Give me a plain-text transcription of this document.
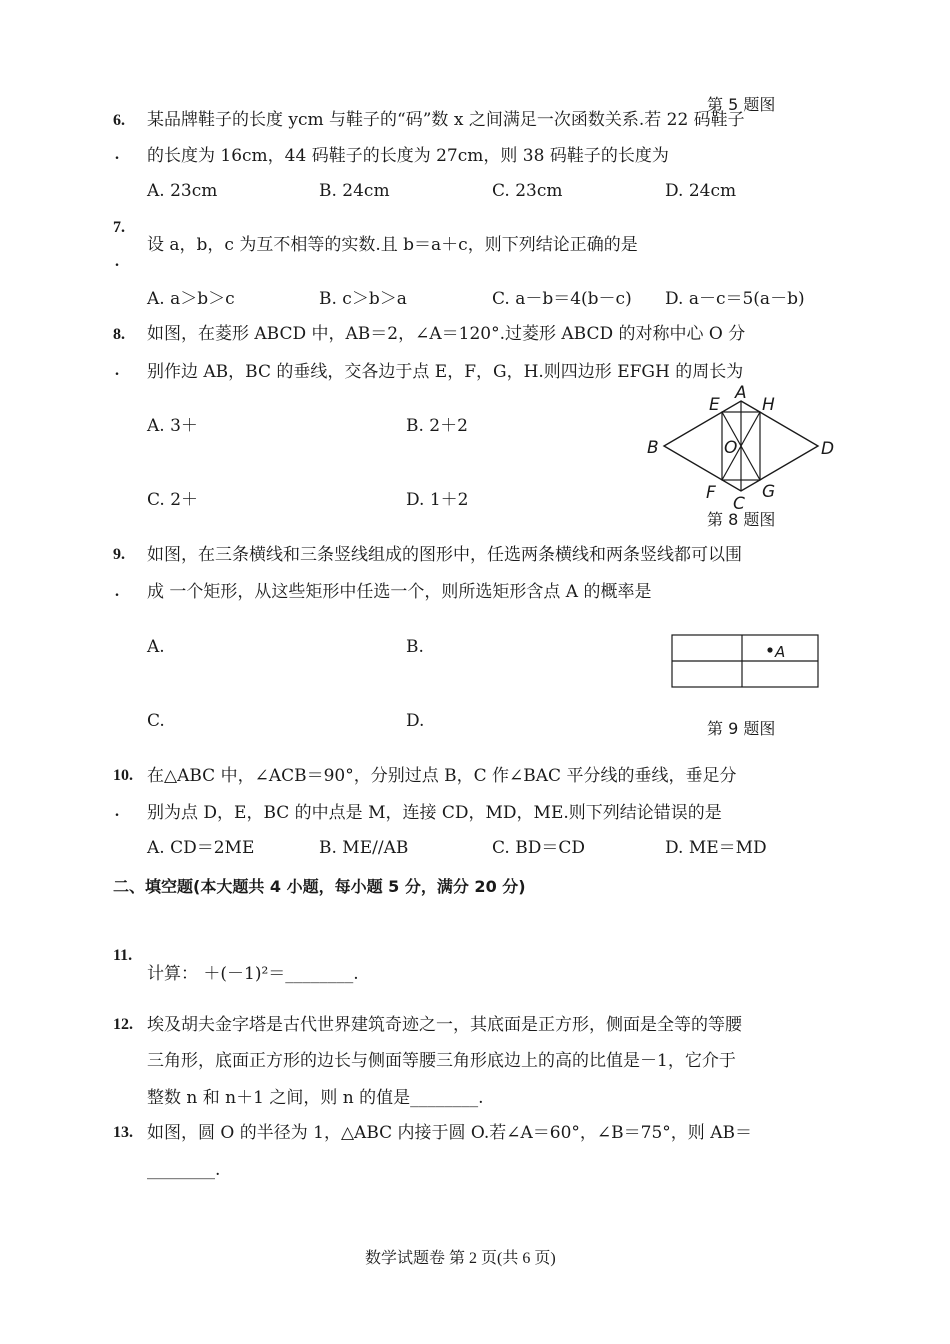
第 5 题图
6. 某品牌鞋子的长度 ycm 与鞋子的“码”数 x 之间满足一次函数关系.若 22 码鞋子
. 的长度为 16cm，44 码鞋子的长度为 27cm，则 38 码鞋子的长度为
A. 23cm	B. 24cm	C. 23cm	D. 24cm
7.
设 a，b，c 为互不相等的实数.且 b＝a＋c，则下列结论正确的是
.
A. a＞b＞c	B. c＞b＞a	C. a－b＝4(b－c) D. a－c＝5(a－b)
8. 如图，在菱形 ABCD 中，AB＝2，∠A＝120°.过菱形 ABCD 的对称中心 O 分
. 别作边 AB，BC 的垂线，交各边于点 E，F，G，H.则四边形 EFGH 的周长为
A. 3＋	B. 2＋2
C. 2＋	D. 1＋2
A
E H
B	O	D
F	G
C
第 8 题图
9. 如图，在三条横线和三条竖线组成的图形中，任选两条横线和两条竖线都可以围
. 成 一个矩形，从这些矩形中任选一个，则所选矩形含点 A 的概率是
A.	B.
C.	D.
A
第 9 题图
10. 在△ABC 中，∠ACB＝90°，分别过点 B，C 作∠BAC 平分线的垂线，垂足分
. 别为点 D，E，BC 的中点是 M，连接 CD，MD，ME.则下列结论错误的是
A. CD＝2ME	B. ME//AB	C. BD＝CD	D. ME＝MD
二、填空题(本大题共 4 小题，每小题 5 分，满分 20 分)
11.
计算： ＋(－1)²＝________.
12. 埃及胡夫金字塔是古代世界建筑奇迹之一，其底面是正方形，侧面是全等的等腰
三角形，底面正方形的边长与侧面等腰三角形底边上的高的比值是－1，它介于
整数 n 和 n＋1 之间，则 n 的值是________.
13. 如图，圆 O 的半径为 1，△ABC 内接于圆 O.若∠A＝60°，∠B＝75°，则 AB＝
________.
数学试题卷 第 2 页(共 6 页)
